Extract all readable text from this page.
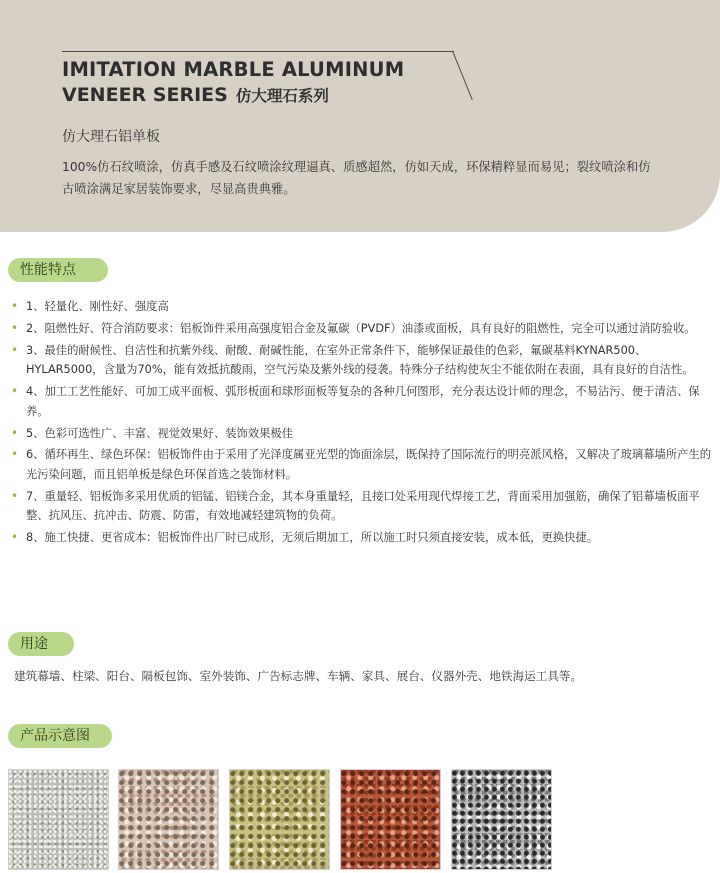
IMITATION MARBLE ALUMINUM
VENEER SERIES 仿大理石系列

仿大理石铝单板

100%仿石纹喷涂，仿真手感及石纹喷涂纹理逼真、质感超然，仿如天成，环保精粹显而易见；裂纹喷涂和仿古喷涂满足家居装饰要求，尽显高贵典雅。

性能特点
• 1、轻量化、刚性好、强度高
• 2、阻燃性好、符合消防要求：铝板饰件采用高强度铝合金及氟碳（PVDF）油漆或面板，具有良好的阻燃性，完全可以通过消防验收。
• 3、最佳的耐候性、自洁性和抗紫外线、耐酸、耐碱性能，在室外正常条件下，能够保证最佳的色彩，氟碳基料KYNAR500、HYLAR5000，含量为70%，能有效抵抗酸雨，空气污染及紫外线的侵袭。特殊分子结构使灰尘不能依附在表面，具有良好的自洁性。
• 4、加工工艺性能好、可加工成平面板、弧形板面和球形面板等复杂的各种几何图形，充分表达设计师的理念，不易沾污、便于清洁、保养。
• 5、色彩可选性广、丰富、视觉效果好、装饰效果极佳
• 6、循环再生、绿色环保：铝板饰件由于采用了光泽度属亚光型的饰面涂层，既保持了国际流行的明亮派风格，又解决了玻璃幕墙所产生的光污染问题，而且铝单板是绿色环保首选之装饰材料。
• 7、重量轻、铝板饰多采用优质的铝锰、铝镁合金，其本身重量轻，且接口处采用现代焊接工艺，背面采用加强筋，确保了铝幕墙板面平整、抗风压、抗冲击、防震、防雷，有效地减轻建筑物的负荷。
• 8、施工快捷、更省成本：铝板饰件出厂时已成形，无须后期加工，所以施工时只须直接安装，成本低，更换快捷。
用途

建筑幕墙、柱梁、阳台、隔板包饰、室外装饰、广告标志牌、车辆、家具、展台、仪器外壳、地铁海运工具等。

产品示意图
